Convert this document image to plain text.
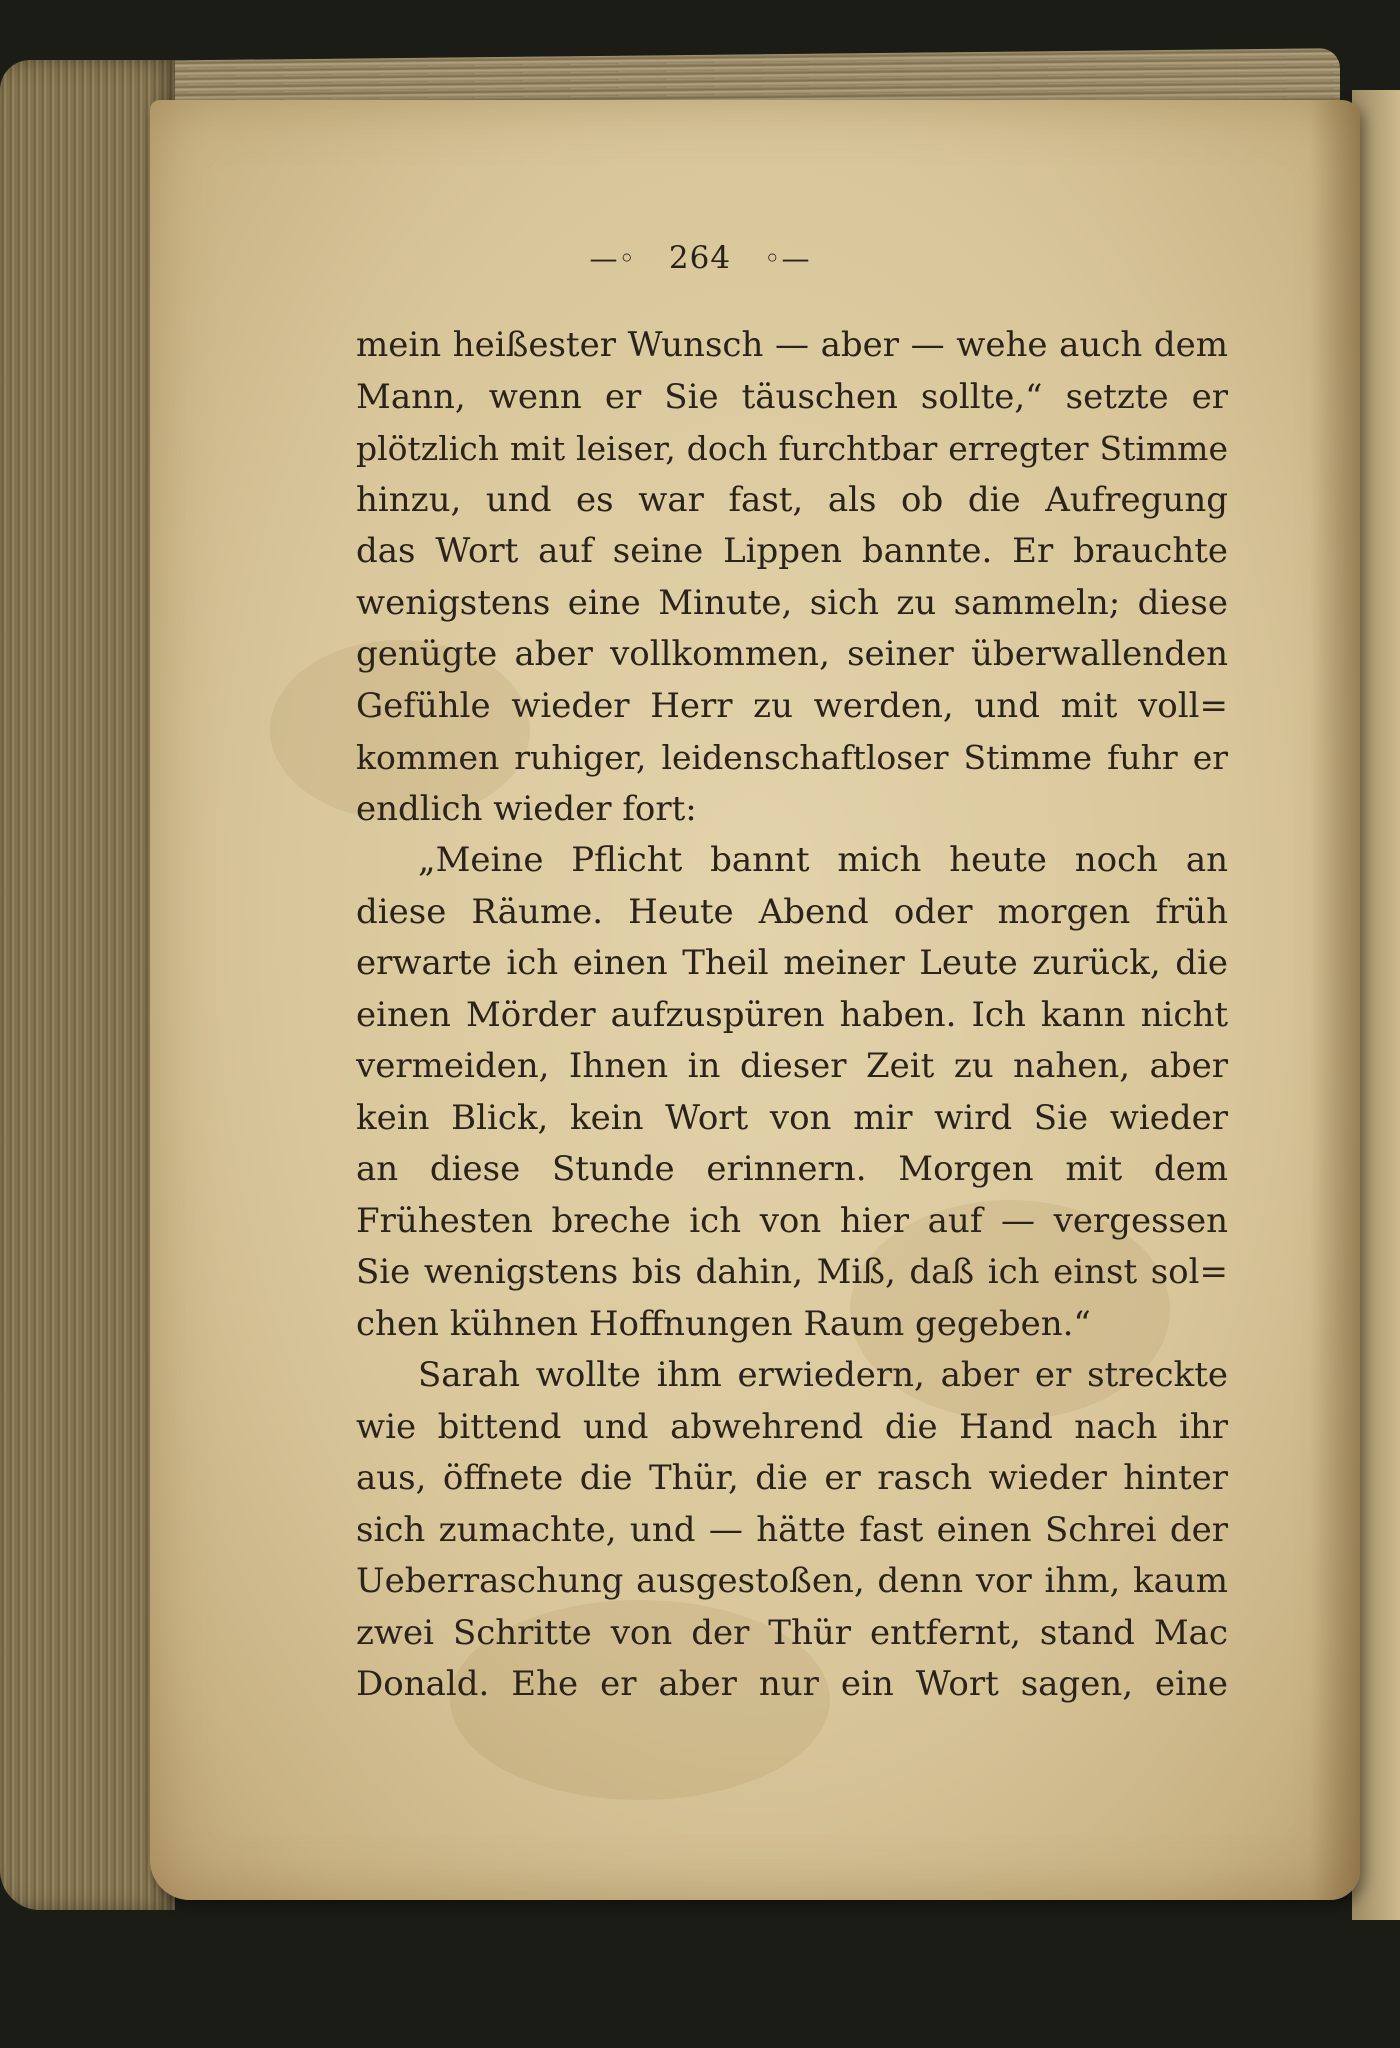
—◦ 264 ◦—
mein heißester Wunsch — aber — wehe auch dem
Mann, wenn er Sie täuschen sollte,“ setzte er
plötzlich mit leiser, doch furchtbar erregter Stimme
hinzu, und es war fast, als ob die Aufregung
das Wort auf seine Lippen bannte. Er brauchte
wenigstens eine Minute, sich zu sammeln; diese
genügte aber vollkommen, seiner überwallenden
Gefühle wieder Herr zu werden, und mit voll=
kommen ruhiger, leidenschaftloser Stimme fuhr er
endlich wieder fort:
„Meine Pflicht bannt mich heute noch an
diese Räume. Heute Abend oder morgen früh
erwarte ich einen Theil meiner Leute zurück, die
einen Mörder aufzuspüren haben. Ich kann nicht
vermeiden, Ihnen in dieser Zeit zu nahen, aber
kein Blick, kein Wort von mir wird Sie wieder
an diese Stunde erinnern. Morgen mit dem
Frühesten breche ich von hier auf — vergessen
Sie wenigstens bis dahin, Miß, daß ich einst sol=
chen kühnen Hoffnungen Raum gegeben.“
Sarah wollte ihm erwiedern, aber er streckte
wie bittend und abwehrend die Hand nach ihr
aus, öffnete die Thür, die er rasch wieder hinter
sich zumachte, und — hätte fast einen Schrei der
Ueberraschung ausgestoßen, denn vor ihm, kaum
zwei Schritte von der Thür entfernt, stand Mac
Donald. Ehe er aber nur ein Wort sagen, eine
